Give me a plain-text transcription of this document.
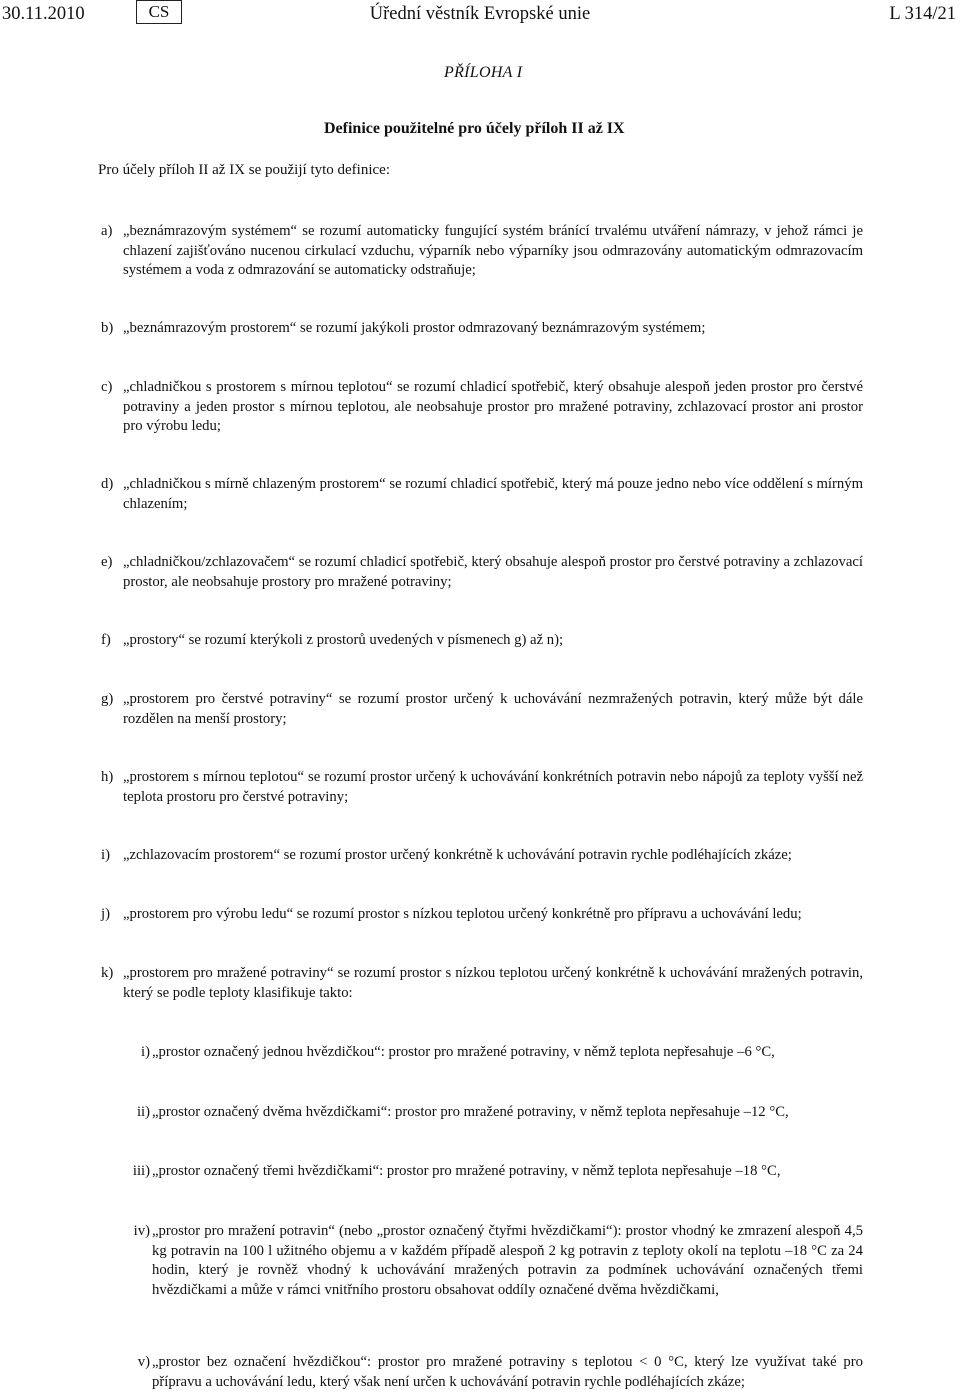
30.11.2010	CS	Úřední věstník Evropské unie	L 314/21
PŘÍLOHA I
Definice použitelné pro účely příloh II až IX
Pro účely příloh II až IX se použijí tyto definice:
a) „beznámrazovým systémem“ se rozumí automaticky fungující systém bránící trvalému utváření námrazy, v jehož rámci je chlazení zajišťováno nucenou cirkulací vzduchu, výparník nebo výparníky jsou odmrazovány automatickým odmrazovacím systémem a voda z odmrazování se automaticky odstraňuje;
b) „beznámrazovým prostorem“ se rozumí jakýkoli prostor odmrazovaný beznámrazovým systémem;
c) „chladničkou s prostorem s mírnou teplotou“ se rozumí chladicí spotřebič, který obsahuje alespoň jeden prostor pro čerstvé potraviny a jeden prostor s mírnou teplotou, ale neobsahuje prostor pro mražené potraviny, zchlazovací prostor ani prostor pro výrobu ledu;
d) „chladničkou s mírně chlazeným prostorem“ se rozumí chladicí spotřebič, který má pouze jedno nebo více oddělení s mírným chlazením;
e) „chladničkou/zchlazovačem“ se rozumí chladicí spotřebič, který obsahuje alespoň prostor pro čerstvé potraviny a zchlazovací prostor, ale neobsahuje prostory pro mražené potraviny;
f) „prostory“ se rozumí kterýkoli z prostorů uvedených v písmenech g) až n);
g) „prostorem pro čerstvé potraviny“ se rozumí prostor určený k uchovávání nezmražených potravin, který může být dále rozdělen na menší prostory;
h) „prostorem s mírnou teplotou“ se rozumí prostor určený k uchovávání konkrétních potravin nebo nápojů za teploty vyšší než teplota prostoru pro čerstvé potraviny;
i) „zchlazovacím prostorem“ se rozumí prostor určený konkrétně k uchovávání potravin rychle podléhajících zkáze;
j) „prostorem pro výrobu ledu“ se rozumí prostor s nízkou teplotou určený konkrétně pro přípravu a uchovávání ledu;
k) „prostorem pro mražené potraviny“ se rozumí prostor s nízkou teplotou určený konkrétně k uchovávání mražených potravin, který se podle teploty klasifikuje takto:
i) „prostor označený jednou hvězdičkou“: prostor pro mražené potraviny, v němž teplota nepřesahuje –6 °C,
ii) „prostor označený dvěma hvězdičkami“: prostor pro mražené potraviny, v němž teplota nepřesahuje –12 °C,
iii) „prostor označený třemi hvězdičkami“: prostor pro mražené potraviny, v němž teplota nepřesahuje –18 °C,
iv) „prostor pro mražení potravin“ (nebo „prostor označený čtyřmi hvězdičkami“): prostor vhodný ke zmrazení alespoň 4,5 kg potravin na 100 l užitného objemu a v každém případě alespoň 2 kg potravin z teploty okolí na teplotu –18 °C za 24 hodin, který je rovněž vhodný k uchovávání mražených potravin za podmínek uchovávání označených třemi hvězdičkami a může v rámci vnitřního prostoru obsahovat oddíly označené dvěma hvězdičkami,
v) „prostor bez označení hvězdičkou“: prostor pro mražené potraviny s teplotou < 0 °C, který lze využívat také pro přípravu a uchovávání ledu, který však není určen k uchovávání potravin rychle podléhajících zkáze;
